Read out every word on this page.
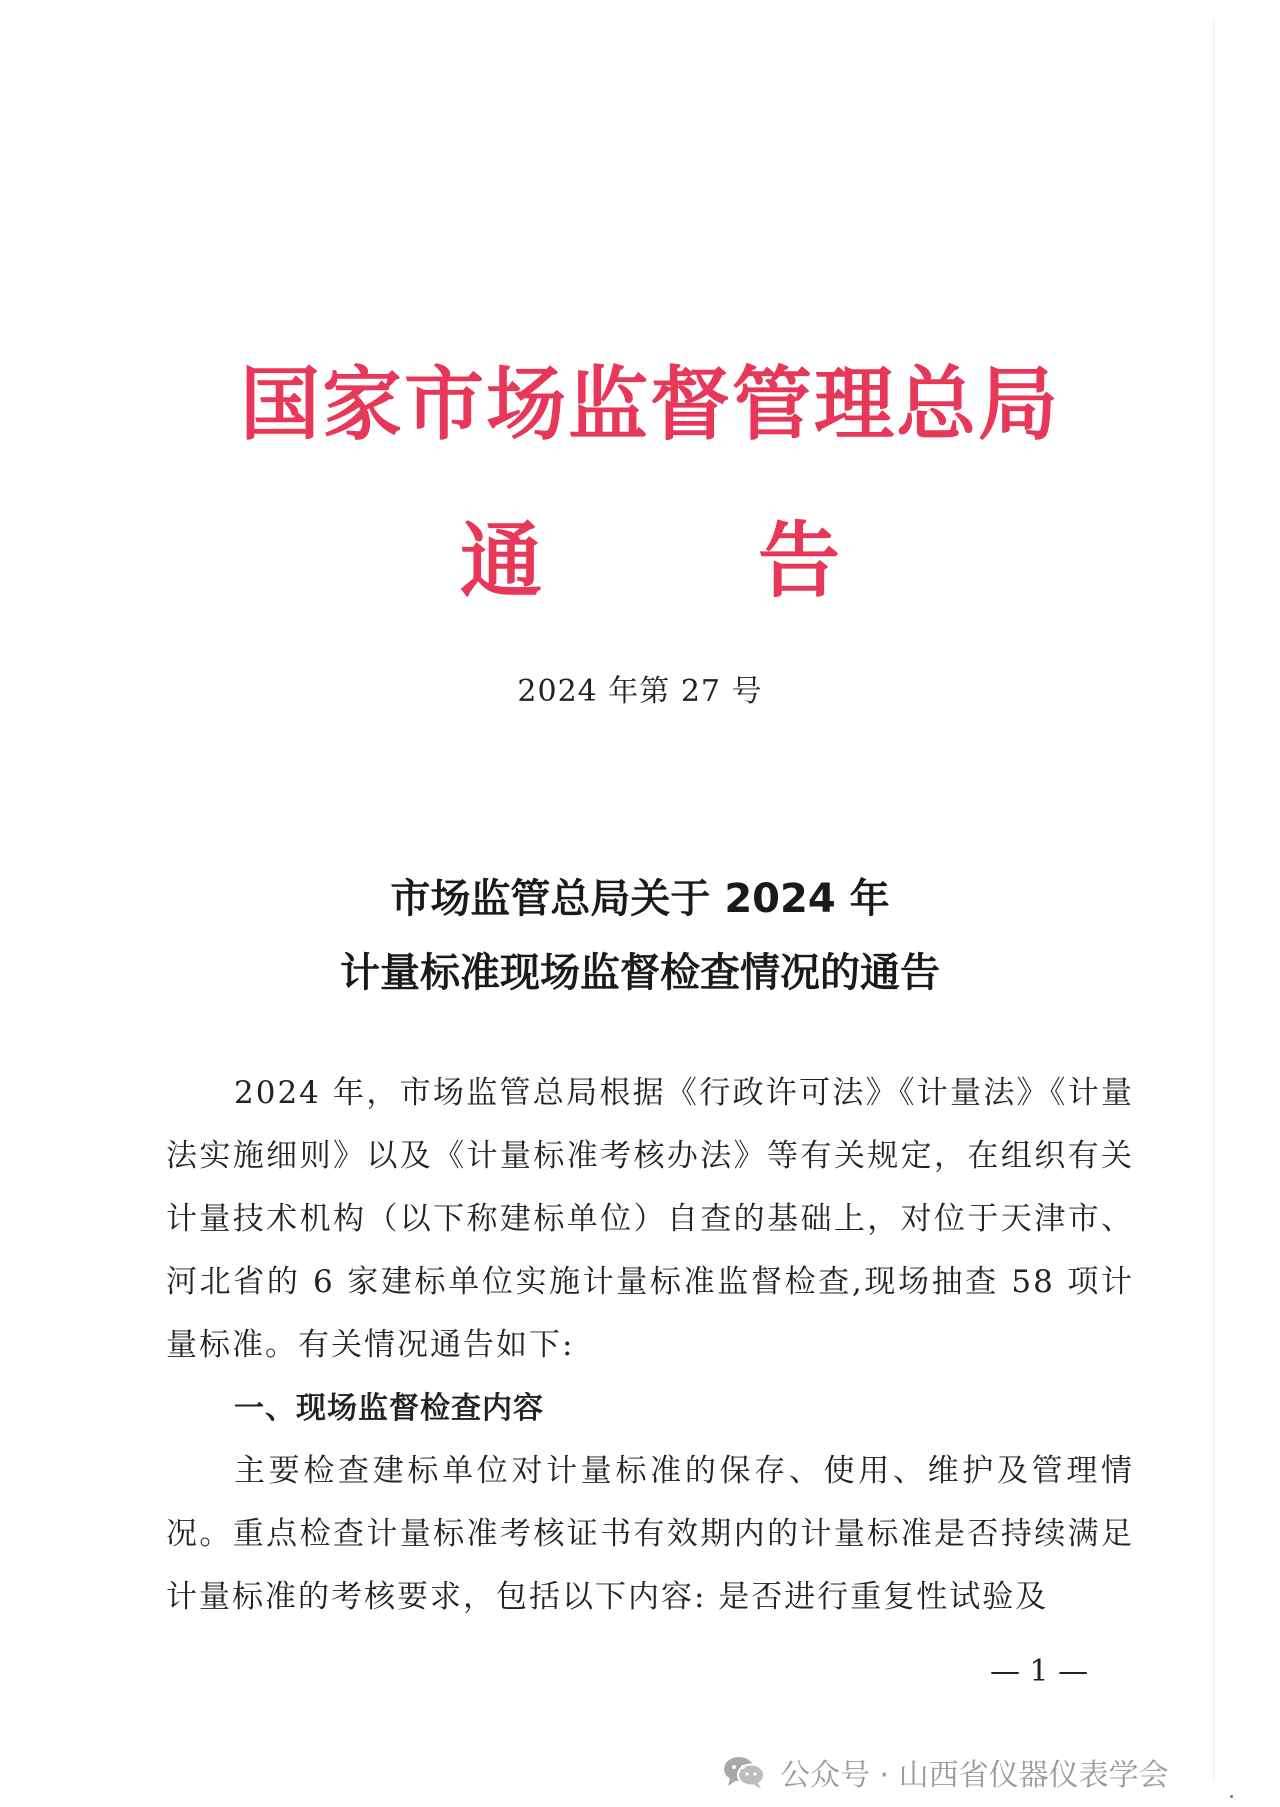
国家市场监督管理总局
通	告
2024 年第 27 号
市场监管总局关于 2024 年
计量标准现场监督检查情况的通告

2024 年，市场监管总局根据《行政许可法》《计量法》《计量法实施细则》以及《计量标准考核办法》等有关规定，在组织有关计量技术机构（以下称建标单位）自查的基础上，对位于天津市、河北省的 6 家建标单位实施计量标准监督检查,现场抽查 58 项计量标准。有关情况通告如下:

一、现场监督检查内容

主要检查建标单位对计量标准的保存、使用、维护及管理情况。重点检查计量标准考核证书有效期内的计量标准是否持续满足计量标准的考核要求，包括以下内容: 是否进行重复性试验及

— 1 —
公众号 · 山西省仪器仪表学会
